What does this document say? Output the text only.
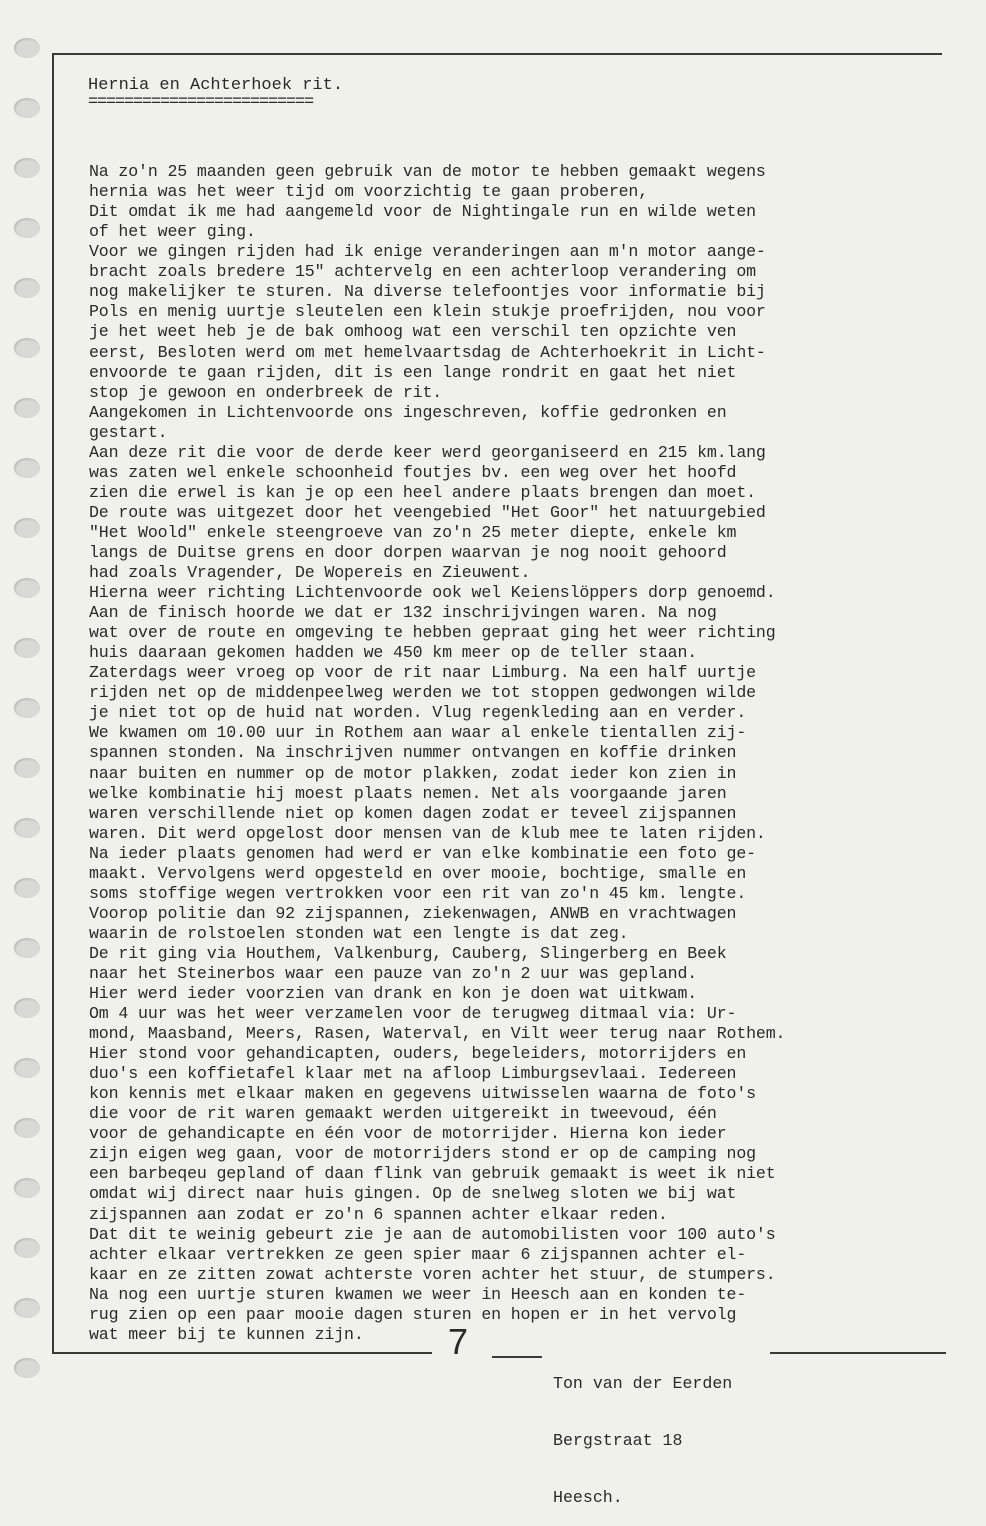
Hernia en Achterhoek rit.
=========================

Na zo'n 25 maanden geen gebruik van de motor te hebben gemaakt wegens
hernia was het weer tijd om voorzichtig te gaan proberen,
Dit omdat ik me had aangemeld voor de Nightingale run en wilde weten
of het weer ging.
Voor we gingen rijden had ik enige veranderingen aan m'n motor aange-
bracht zoals bredere 15" achtervelg en een achterloop verandering om
nog makelijker te sturen. Na diverse telefoontjes voor informatie bij
Pols en menig uurtje sleutelen een klein stukje proefrijden, nou voor
je het weet heb je de bak omhoog wat een verschil ten opzichte ven
eerst, Besloten werd om met hemelvaartsdag de Achterhoekrit in Licht-
envoorde te gaan rijden, dit is een lange rondrit en gaat het niet
stop je gewoon en onderbreek de rit.
Aangekomen in Lichtenvoorde ons ingeschreven, koffie gedronken en
gestart.
Aan deze rit die voor de derde keer werd georganiseerd en 215 km.lang
was zaten wel enkele schoonheid foutjes bv. een weg over het hoofd
zien die erwel is kan je op een heel andere plaats brengen dan moet.
De route was uitgezet door het veengebied "Het Goor" het natuurgebied
"Het Woold" enkele steengroeve van zo'n 25 meter diepte, enkele km
langs de Duitse grens en door dorpen waarvan je nog nooit gehoord
had zoals Vragender, De Wopereis en Zieuwent.
Hierna weer richting Lichtenvoorde ook wel Keienslöppers dorp genoemd.
Aan de finisch hoorde we dat er 132 inschrijvingen waren. Na nog
wat over de route en omgeving te hebben gepraat ging het weer richting
huis daaraan gekomen hadden we 450 km meer op de teller staan.
Zaterdags weer vroeg op voor de rit naar Limburg. Na een half uurtje
rijden net op de middenpeelweg werden we tot stoppen gedwongen wilde
je niet tot op de huid nat worden. Vlug regenkleding aan en verder.
We kwamen om 10.00 uur in Rothem aan waar al enkele tientallen zij-
spannen stonden. Na inschrijven nummer ontvangen en koffie drinken
naar buiten en nummer op de motor plakken, zodat ieder kon zien in
welke kombinatie hij moest plaats nemen. Net als voorgaande jaren
waren verschillende niet op komen dagen zodat er teveel zijspannen
waren. Dit werd opgelost door mensen van de klub mee te laten rijden.
Na ieder plaats genomen had werd er van elke kombinatie een foto ge-
maakt. Vervolgens werd opgesteld en over mooie, bochtige, smalle en
soms stoffige wegen vertrokken voor een rit van zo'n 45 km. lengte.
Voorop politie dan 92 zijspannen, ziekenwagen, ANWB en vrachtwagen
waarin de rolstoelen stonden wat een lengte is dat zeg.
De rit ging via Houthem, Valkenburg, Cauberg, Slingerberg en Beek
naar het Steinerbos waar een pauze van zo'n 2 uur was gepland.
Hier werd ieder voorzien van drank en kon je doen wat uitkwam.
Om 4 uur was het weer verzamelen voor de terugweg ditmaal via: Ur-
mond, Maasband, Meers, Rasen, Waterval, en Vilt weer terug naar Rothem.
Hier stond voor gehandicapten, ouders, begeleiders, motorrijders en
duo's een koffietafel klaar met na afloop Limburgsevlaai. Iedereen
kon kennis met elkaar maken en gegevens uitwisselen waarna de foto's
die voor de rit waren gemaakt werden uitgereikt in tweevoud, één
voor de gehandicapte en één voor de motorrijder. Hierna kon ieder
zijn eigen weg gaan, voor de motorrijders stond er op de camping nog
een barbeqeu gepland of daan flink van gebruik gemaakt is weet ik niet
omdat wij direct naar huis gingen. Op de snelweg sloten we bij wat
zijspannen aan zodat er zo'n 6 spannen achter elkaar reden.
Dat dit te weinig gebeurt zie je aan de automobilisten voor 100 auto's
achter elkaar vertrekken ze geen spier maar 6 zijspannen achter el-
kaar en ze zitten zowat achterste voren achter het stuur, de stumpers.
Na nog een uurtje sturen kwamen we weer in Heesch aan en konden te-
rug zien op een paar mooie dagen sturen en hopen er in het vervolg
wat meer bij te kunnen zijn.	7

Ton van der Eerden

Bergstraat 18

Heesch.
